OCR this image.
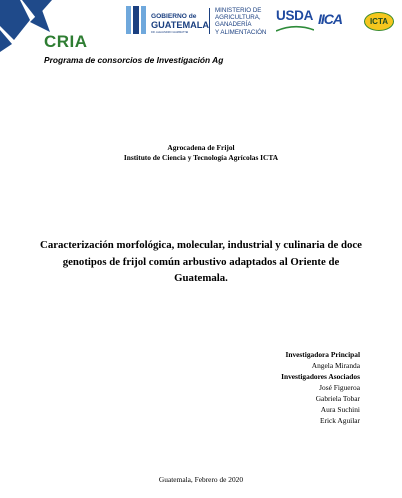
CRIA
Programa de consorcios de Investigación Ag
GOBIERNO de
GUATEMALA
DR. ALEJANDRO GIAMMATTEI
MINISTERIO DE
AGRICULTURA,
GANADERÍA
Y ALIMENTACIÓN
USDA IICA	ICTA
Agrocadena de Frijol
Instituto de Ciencia y Tecnología Agrícolas ICTA
Caracterización morfológica, molecular, industrial y culinaria de doce genotipos de frijol común arbustivo adaptados al Oriente de Guatemala.
Investigadora Principal
Angela Miranda
Investigadores Asociados
José Figueroa
Gabriela Tobar
Aura Suchini
Erick Aguilar
Guatemala, Febrero de 2020
